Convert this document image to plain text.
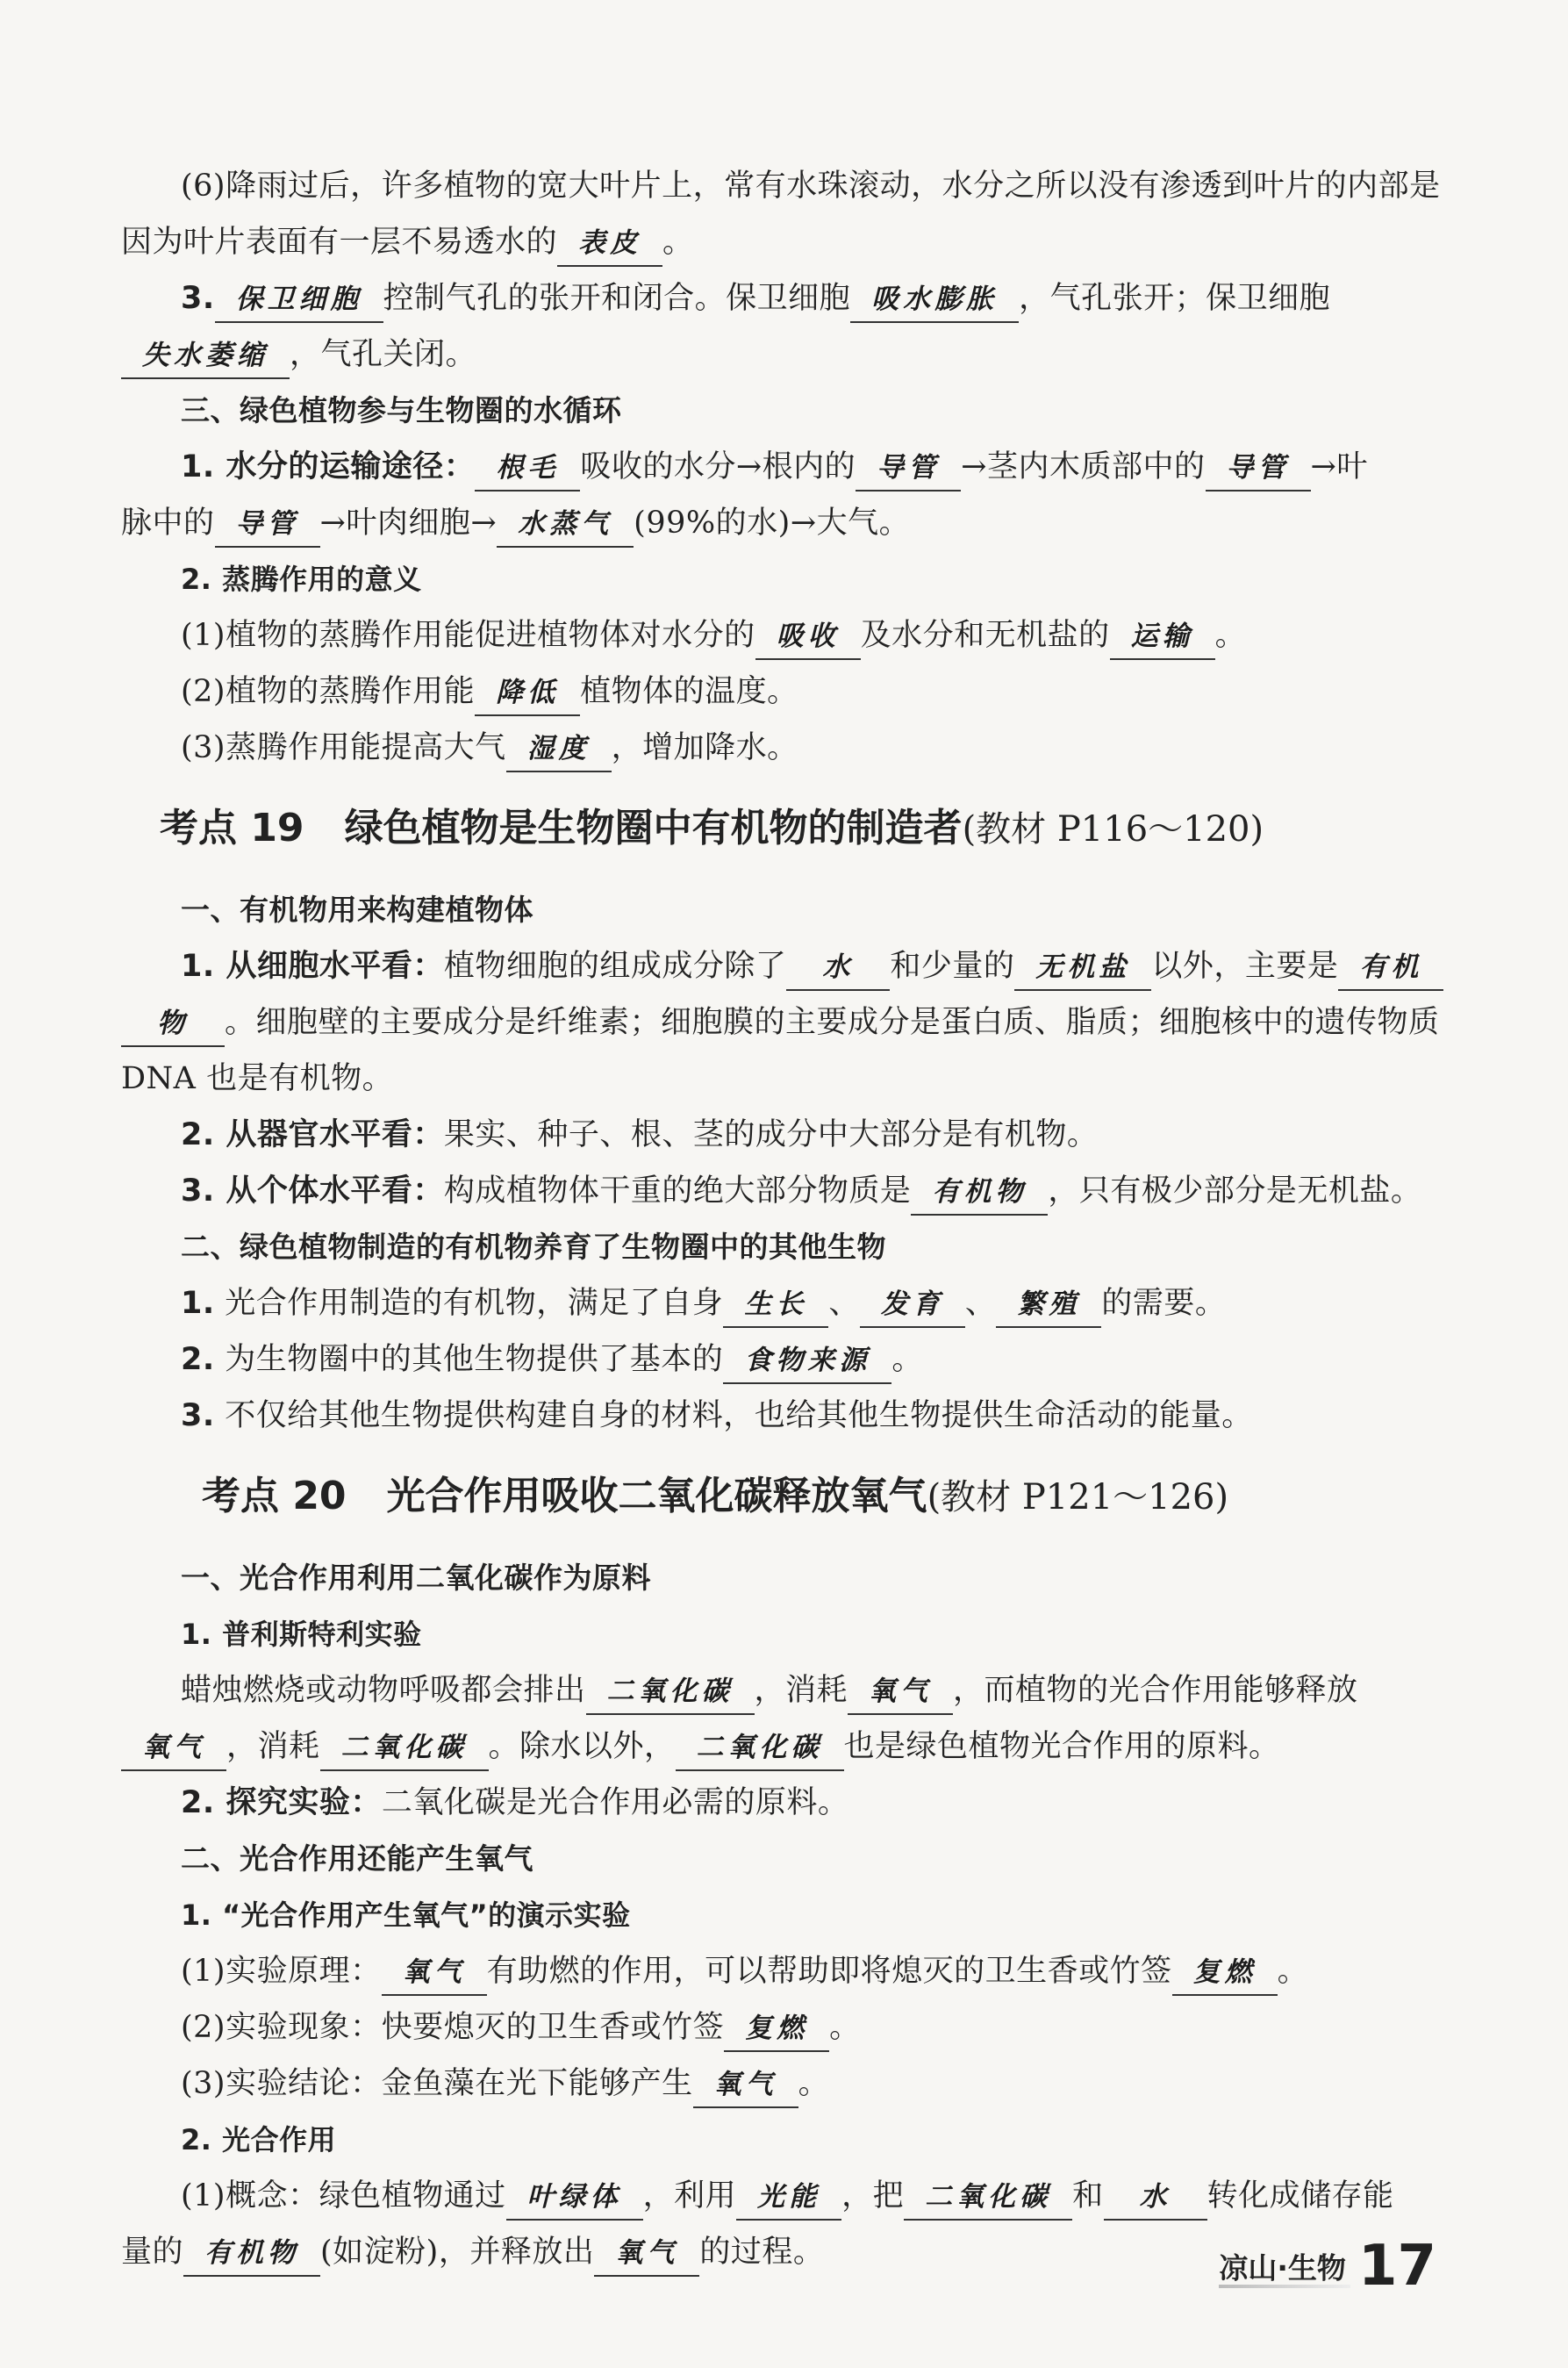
(6)降雨过后，许多植物的宽大叶片上，常有水珠滚动，水分之所以没有渗透到叶片的内部是
因为叶片表面有一层不易透水的 表皮 。
3. 保卫细胞 控制气孔的张开和闭合。保卫细胞 吸水膨胀 ，气孔张开；保卫细胞
失水萎缩 ，气孔关闭。
三、绿色植物参与生物圈的水循环
1. 水分的运输途径： 根毛 吸收的水分→根内的 导管 →茎内木质部中的 导管 →叶
脉中的 导管 →叶肉细胞→ 水蒸气 (99%的水)→大气。
2. 蒸腾作用的意义
(1)植物的蒸腾作用能促进植物体对水分的 吸收 及水分和无机盐的 运输 。
(2)植物的蒸腾作用能 降低 植物体的温度。
(3)蒸腾作用能提高大气 湿度 ，增加降水。
考点 19 绿色植物是生物圈中有机物的制造者(教材 P116～120)
一、有机物用来构建植物体
1. 从细胞水平看：植物细胞的组成成分除了 水 和少量的 无机盐 以外，主要是 有机
物 。细胞壁的主要成分是纤维素；细胞膜的主要成分是蛋白质、脂质；细胞核中的遗传物质
DNA 也是有机物。
2. 从器官水平看：果实、种子、根、茎的成分中大部分是有机物。
3. 从个体水平看：构成植物体干重的绝大部分物质是 有机物 ，只有极少部分是无机盐。
二、绿色植物制造的有机物养育了生物圈中的其他生物
1. 光合作用制造的有机物，满足了自身 生长 、 发育 、 繁殖 的需要。
2. 为生物圈中的其他生物提供了基本的 食物来源 。
3. 不仅给其他生物提供构建自身的材料，也给其他生物提供生命活动的能量。
考点 20 光合作用吸收二氧化碳释放氧气(教材 P121～126)
一、光合作用利用二氧化碳作为原料
1. 普利斯特利实验
蜡烛燃烧或动物呼吸都会排出 二氧化碳 ，消耗 氧气 ，而植物的光合作用能够释放
氧气 ，消耗 二氧化碳 。除水以外， 二氧化碳 也是绿色植物光合作用的原料。
2. 探究实验：二氧化碳是光合作用必需的原料。
二、光合作用还能产生氧气
1. “光合作用产生氧气”的演示实验
(1)实验原理： 氧气 有助燃的作用，可以帮助即将熄灭的卫生香或竹签 复燃 。
(2)实验现象：快要熄灭的卫生香或竹签 复燃 。
(3)实验结论：金鱼藻在光下能够产生 氧气 。
2. 光合作用
(1)概念：绿色植物通过 叶绿体 ，利用 光能 ，把 二氧化碳 和 水 转化成储存能
量的 有机物 (如淀粉)，并释放出 氧气 的过程。	凉山·生物 17
